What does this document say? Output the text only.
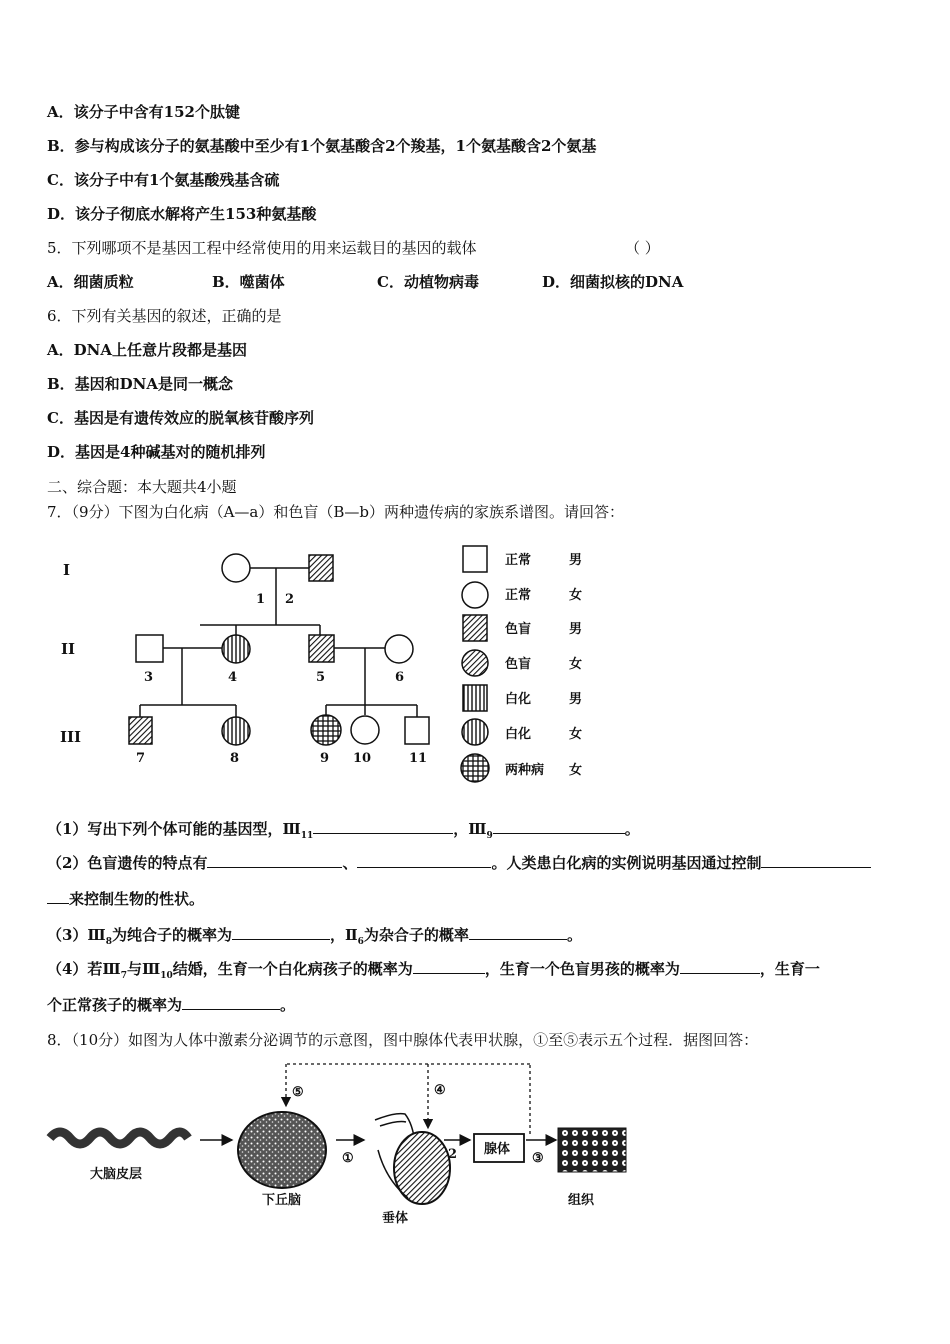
A．该分子中含有152个肽键
B．参与构成该分子的氨基酸中至少有1个氨基酸含2个羧基，1个氨基酸含2个氨基
C．该分子中有1个氨基酸残基含硫
D．该分子彻底水解将产生153种氨基酸
5．下列哪项不是基因工程中经常使用的用来运载目的基因的载体	（ ）
A．细菌质粒	B．噬菌体	C．动植物病毒	D．细菌拟核的DNA
6．下列有关基因的叙述，正确的是
A．DNA上任意片段都是基因
B．基因和DNA是同一概念
C．基因是有遗传效应的脱氧核苷酸序列
D．基因是4种碱基对的随机排列
二、综合题：本大题共4小题
7．（9分）下图为白化病（A—a）和色盲（B—b）两种遗传病的家族系谱图。请回答：
I
II
III
1 2
3	4	5	6
7	8	9 10	11
正常	男
正常	女
色盲	男
色盲	女
白化	男
白化	女
两种病 女
（1）写出下列个体可能的基因型，$Ⅲ_{11}$	，$Ⅲ_9$	。
（2）色盲遗传的特点有	、	。人类患白化病的实例说明基因通过控制
来控制生物的性状。
$(3)Ⅲ_8$为纯合子的概率为	，$Ⅱ_6$为杂合子的概率	。
（4）若$Ⅲ_7$与$Ⅲ_{10}$结婚，生育一个白化病孩子的概率为	，生育一个色盲男孩的概率为	，生育一
个正常孩子的概率为	。
8．（10分）如图为人体中激素分泌调节的示意图，图中腺体代表甲状腺，①至⑤表示五个过程．据图回答：
大脑皮层
下丘脑
垂体
腺体
组织
①	2	③
④
⑤
